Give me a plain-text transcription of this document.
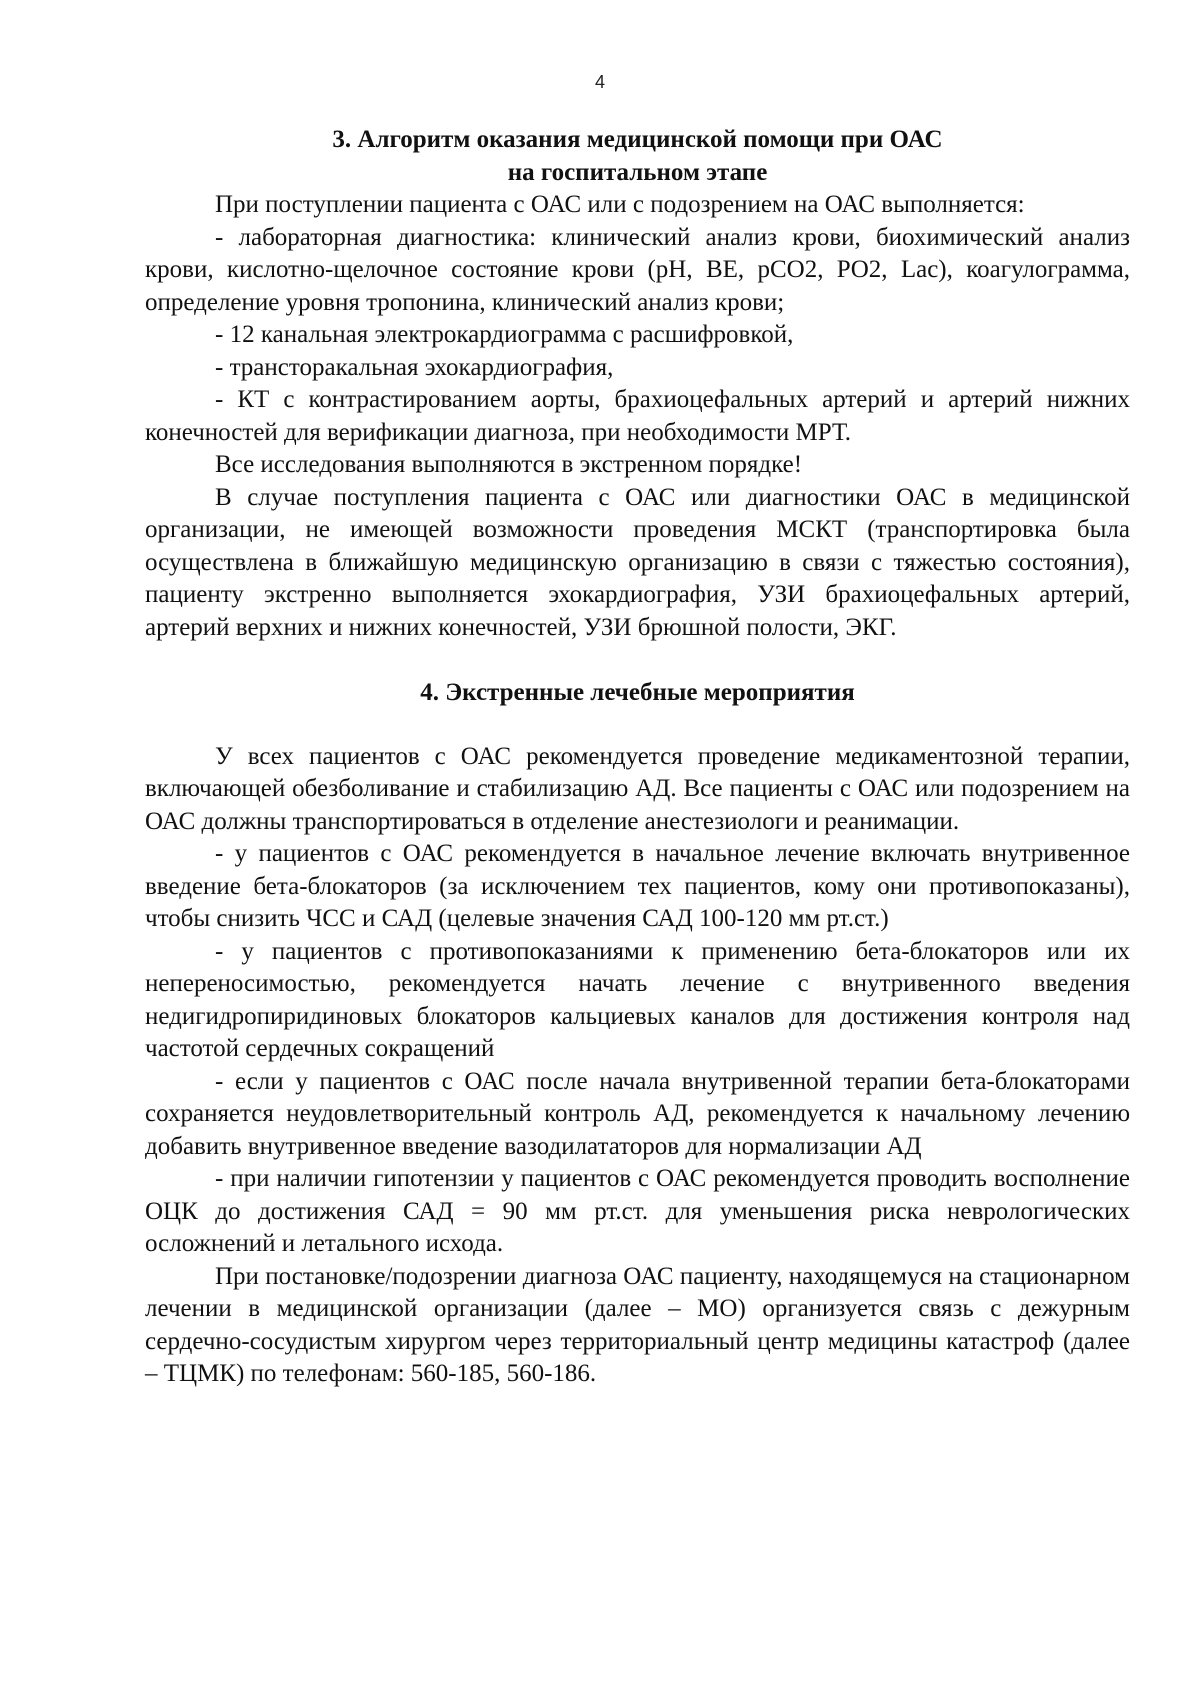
4
3. Алгоритм оказания медицинской помощи при ОАС
на госпитальном этапе

При поступлении пациента с ОАС или с подозрением на ОАС выполняется:

- лабораторная диагностика: клинический анализ крови, биохимический анализ крови, кислотно-щелочное состояние крови (pH, BE, pCO2, PO2, Lac), коагулограмма, определение уровня тропонина, клинический анализ крови;

- 12 канальная электрокардиограмма с расшифровкой,

- трансторакальная эхокардиография,

- КТ с контрастированием аорты, брахиоцефальных артерий и артерий нижних конечностей для верификации диагноза, при необходимости МРТ.

Все исследования выполняются в экстренном порядке!

В случае поступления пациента с ОАС или диагностики ОАС в медицинской организации, не имеющей возможности проведения МСКТ (транспортировка была осуществлена в ближайшую медицинскую организацию в связи с тяжестью состояния), пациенту экстренно выполняется эхокардиография, УЗИ брахиоцефальных артерий, артерий верхних и нижних конечностей, УЗИ брюшной полости, ЭКГ.

4. Экстренные лечебные мероприятия

У всех пациентов с ОАС рекомендуется проведение медикаментозной терапии, включающей обезболивание и стабилизацию АД. Все пациенты с ОАС или подозрением на ОАС должны транспортироваться в отделение анестезиологи и реанимации.

- у пациентов с ОАС рекомендуется в начальное лечение включать внутривенное введение бета-блокаторов (за исключением тех пациентов, кому они противопоказаны), чтобы снизить ЧСС и САД (целевые значения САД 100-120 мм рт.ст.)

- у пациентов с противопоказаниями к применению бета-блокаторов или их непереносимостью, рекомендуется начать лечение с внутривенного введения недигидропиридиновых блокаторов кальциевых каналов для достижения контроля над частотой сердечных сокращений

- если у пациентов с ОАС после начала внутривенной терапии бета-блокаторами сохраняется неудовлетворительный контроль АД, рекомендуется к начальному лечению добавить внутривенное введение вазодилататоров для нормализации АД

- при наличии гипотензии у пациентов с ОАС рекомендуется проводить восполнение ОЦК до достижения САД = 90 мм рт.ст. для уменьшения риска неврологических осложнений и летального исхода.

При постановке/подозрении диагноза ОАС пациенту, находящемуся на стационарном лечении в медицинской организации (далее – МО) организуется связь с дежурным сердечно-сосудистым хирургом через территориальный центр медицины катастроф (далее – ТЦМК) по телефонам: 560-185, 560-186.
